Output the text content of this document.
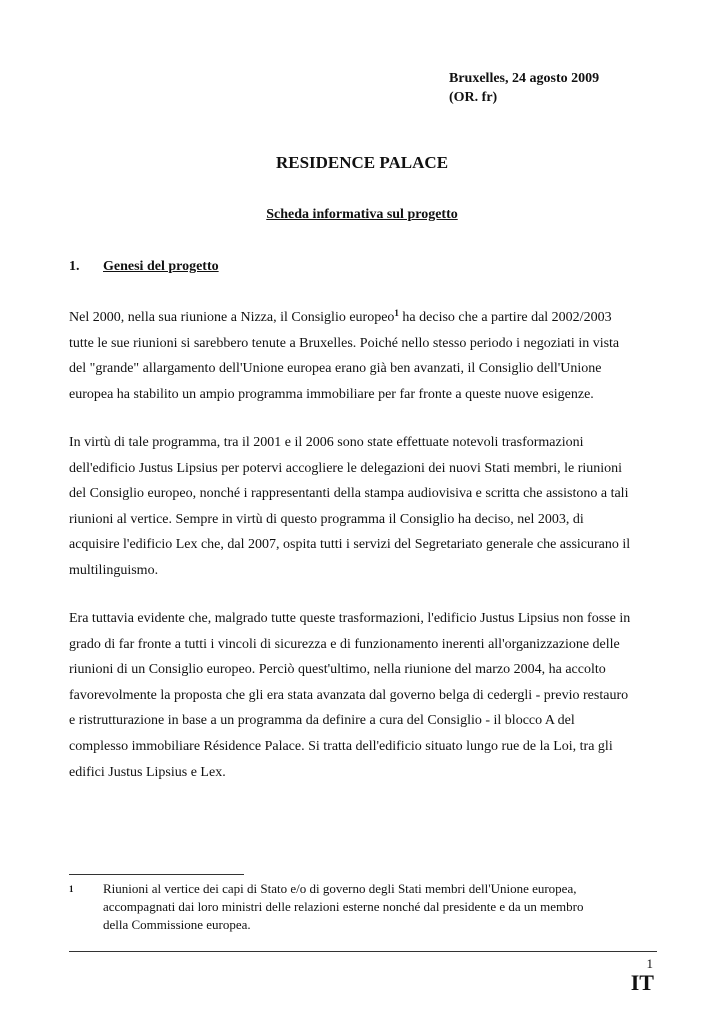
Bruxelles, 24 agosto 2009
(OR. fr)
RESIDENCE PALACE
Scheda informativa sul progetto
1. Genesi del progetto
Nel 2000, nella sua riunione a Nizza, il Consiglio europeo$^1$ ha deciso che a partire dal 2002/2003
tutte le sue riunioni si sarebbero tenute a Bruxelles. Poiché nello stesso periodo i negoziati in vista
del "grande" allargamento dell'Unione europea erano già ben avanzati, il Consiglio dell'Unione
europea ha stabilito un ampio programma immobiliare per far fronte a queste nuove esigenze.
In virtù di tale programma, tra il 2001 e il 2006 sono state effettuate notevoli trasformazioni
dell'edificio Justus Lipsius per potervi accogliere le delegazioni dei nuovi Stati membri, le riunioni
del Consiglio europeo, nonché i rappresentanti della stampa audiovisiva e scritta che assistono a tali
riunioni al vertice. Sempre in virtù di questo programma il Consiglio ha deciso, nel 2003, di
acquisire l'edificio Lex che, dal 2007, ospita tutti i servizi del Segretariato generale che assicurano il
multilinguismo.
Era tuttavia evidente che, malgrado tutte queste trasformazioni, l'edificio Justus Lipsius non fosse in
grado di far fronte a tutti i vincoli di sicurezza e di funzionamento inerenti all'organizzazione delle
riunioni di un Consiglio europeo. Perciò quest'ultimo, nella riunione del marzo 2004, ha accolto
favorevolmente la proposta che gli era stata avanzata dal governo belga di cedergli - previo restauro
e ristrutturazione in base a un programma da definire a cura del Consiglio - il blocco A del
complesso immobiliare Résidence Palace. Si tratta dell'edificio situato lungo rue de la Loi, tra gli
edifici Justus Lipsius e Lex.
1 Riunioni al vertice dei capi di Stato e/o di governo degli Stati membri dell'Unione europea,
accompagnati dai loro ministri delle relazioni esterne nonché dal presidente e da un membro
della Commissione europea.
1
IT
